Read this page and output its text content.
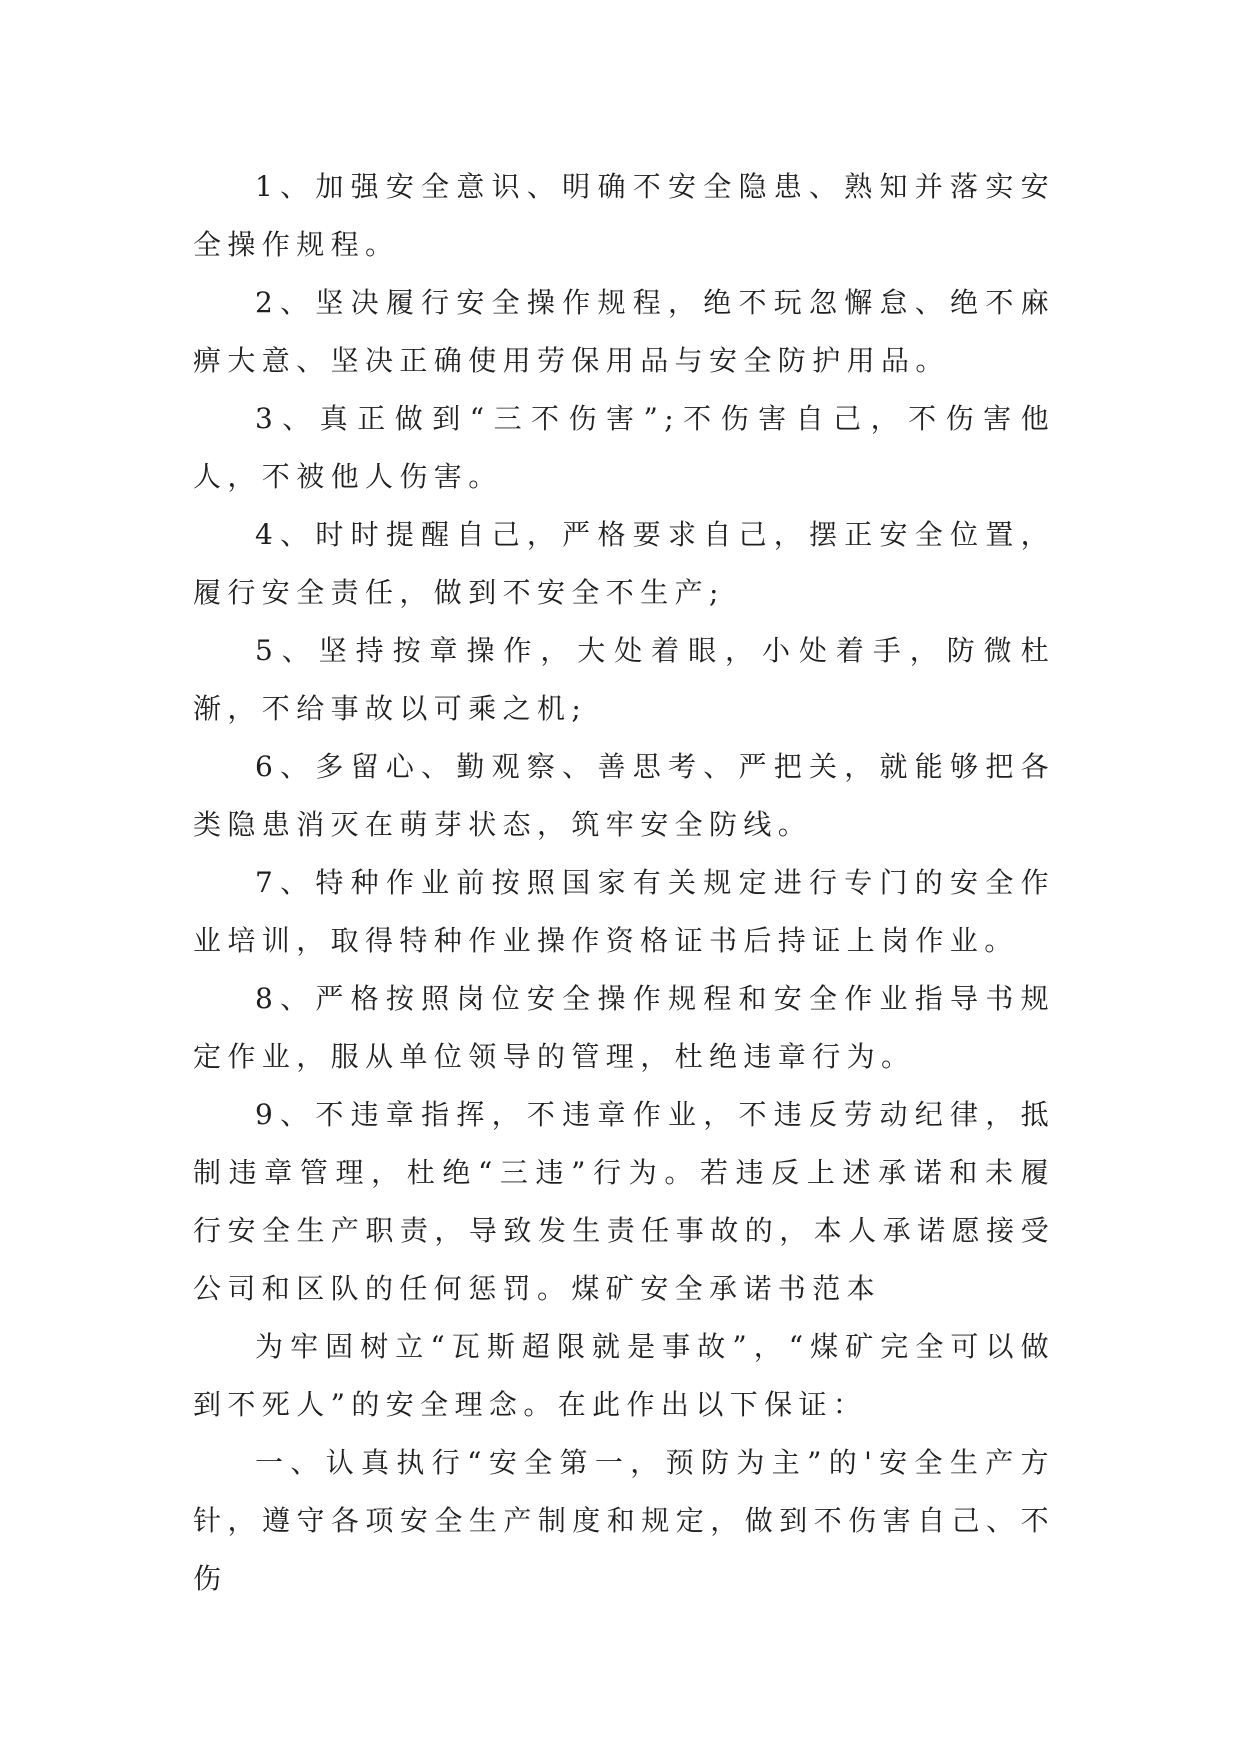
1、加强安全意识、明确不安全隐患、熟知并落实安全操作规程。

2、坚决履行安全操作规程，绝不玩忽懈怠、绝不麻痹大意、坚决正确使用劳保用品与安全防护用品。

3、真正做到“三不伤害”;不伤害自己，不伤害他人，不被他人伤害。

4、时时提醒自己，严格要求自己，摆正安全位置，履行安全责任，做到不安全不生产;

5、坚持按章操作，大处着眼，小处着手，防微杜渐，不给事故以可乘之机;

6、多留心、勤观察、善思考、严把关，就能够把各类隐患消灭在萌芽状态，筑牢安全防线。

7、特种作业前按照国家有关规定进行专门的安全作业培训，取得特种作业操作资格证书后持证上岗作业。

8、严格按照岗位安全操作规程和安全作业指导书规定作业，服从单位领导的管理，杜绝违章行为。

9、不违章指挥，不违章作业，不违反劳动纪律，抵制违章管理，杜绝“三违”行为。若违反上述承诺和未履行安全生产职责，导致发生责任事故的，本人承诺愿接受公司和区队的任何惩罚。煤矿安全承诺书范本

为牢固树立“瓦斯超限就是事故”，“煤矿完全可以做到不死人”的安全理念。在此作出以下保证：

一、认真执行“安全第一，预防为主”的'安全生产方针，遵守各项安全生产制度和规定，做到不伤害自己、不伤
